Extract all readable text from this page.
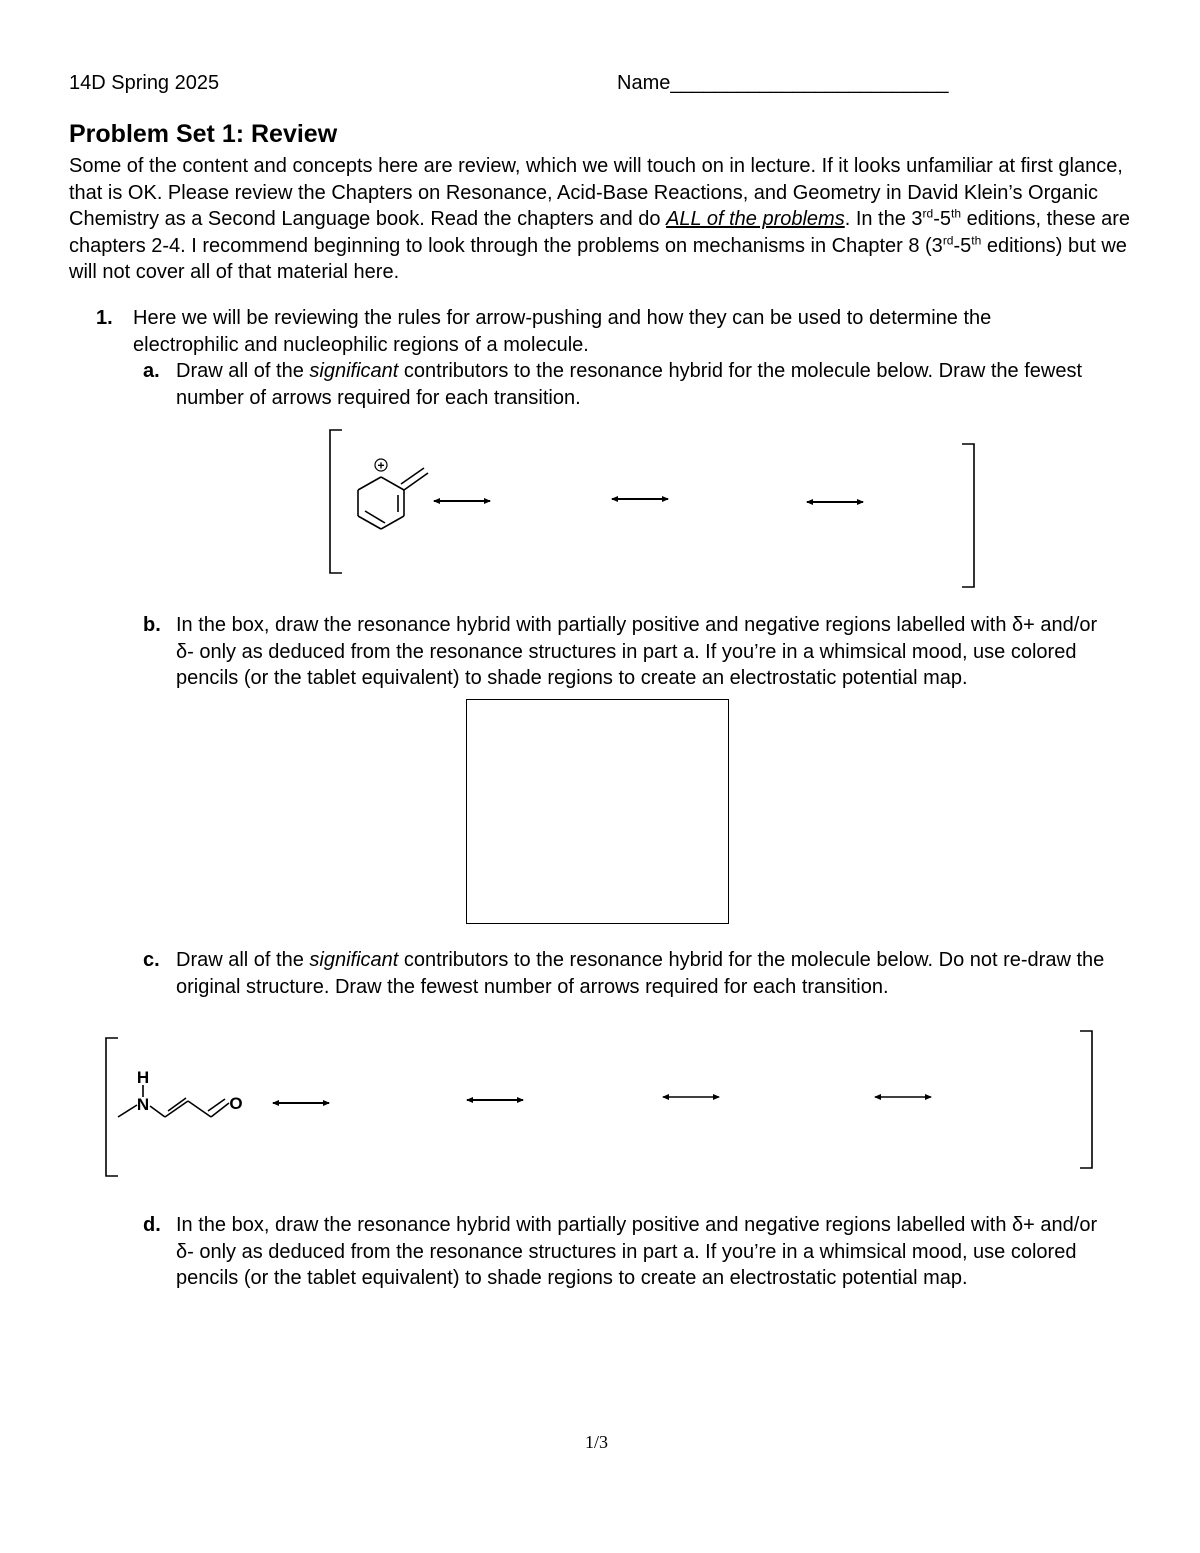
14D Spring 2025	Name_________________________
Problem Set 1: Review
Some of the content and concepts here are review, which we will touch on in lecture. If it looks unfamiliar at first glance, that is OK. Please review the Chapters on Resonance, Acid-Base Reactions, and Geometry in David Klein’s Organic Chemistry as a Second Language book. Read the chapters and do ALL of the problems. In the 3rd-5th editions, these are chapters 2-4. I recommend beginning to look through the problems on mechanisms in Chapter 8 (3rd-5th editions) but we will not cover all of that material here.
1. Here we will be reviewing the rules for arrow-pushing and how they can be used to determine the electrophilic and nucleophilic regions of a molecule.
a. Draw all of the significant contributors to the resonance hybrid for the molecule below. Draw the fewest number of arrows required for each transition.
b. In the box, draw the resonance hybrid with partially positive and negative regions labelled with δ+ and/or δ- only as deduced from the resonance structures in part a. If you’re in a whimsical mood, use colored pencils (or the tablet equivalent) to shade regions to create an electrostatic potential map.
c. Draw all of the significant contributors to the resonance hybrid for the molecule below. Do not re-draw the original structure. Draw the fewest number of arrows required for each transition.
d. In the box, draw the resonance hybrid with partially positive and negative regions labelled with δ+ and/or δ- only as deduced from the resonance structures in part a. If you’re in a whimsical mood, use colored pencils (or the tablet equivalent) to shade regions to create an electrostatic potential map.
+
H
N	O
1/3
